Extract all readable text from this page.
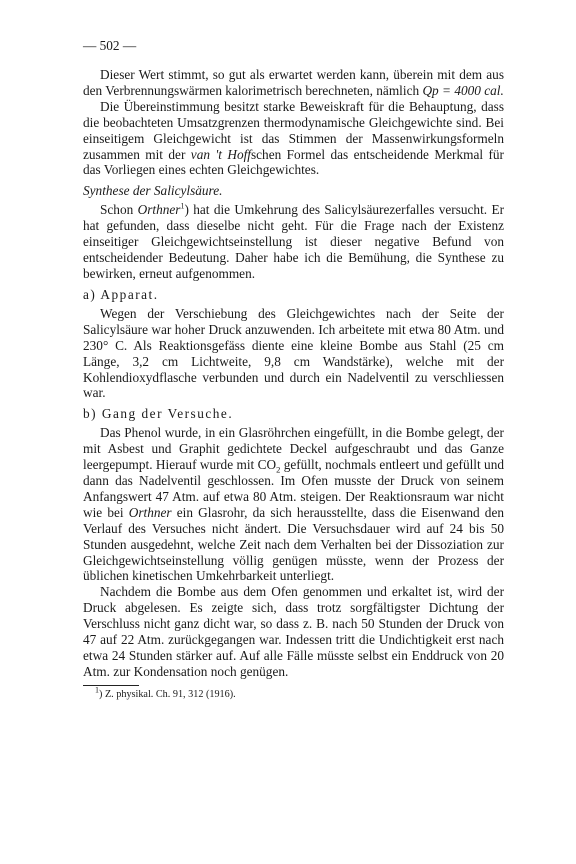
— 502 —

Dieser Wert stimmt, so gut als erwartet werden kann, überein mit dem aus den Verbrennungswärmen kalorimetrisch berechneten, nämlich Qp = 4000 cal.

Die Übereinstimmung besitzt starke Beweiskraft für die Behauptung, dass die beobachteten Umsatzgrenzen thermodynamische Gleichgewichte sind. Bei einseitigem Gleichgewicht ist das Stimmen der Massenwirkungsformeln zusammen mit der van 't Hoffschen Formel das entscheidende Merkmal für das Vorliegen eines echten Gleichgewichtes.

Synthese der Salicylsäure.

Schon Orthner$^1$) hat die Umkehrung des Salicylsäurezerfalles versucht. Er hat gefunden, dass dieselbe nicht geht. Für die Frage nach der Existenz einseitiger Gleichgewichtseinstellung ist dieser negative Befund von entscheidender Bedeutung. Daher habe ich die Bemühung, die Synthese zu bewirken, erneut aufgenommen.

a) Apparat.

Wegen der Verschiebung des Gleichgewichtes nach der Seite der Salicylsäure war hoher Druck anzuwenden. Ich arbeitete mit etwa 80 Atm. und 230° C. Als Reaktionsgefäss diente eine kleine Bombe aus Stahl (25 cm Länge, 3,2 cm Lichtweite, 9,8 cm Wandstärke), welche mit der Kohlendioxydflasche verbunden und durch ein Nadelventil zu verschliessen war.

b) Gang der Versuche.

Das Phenol wurde, in ein Glasröhrchen eingefüllt, in die Bombe gelegt, der mit Asbest und Graphit gedichtete Deckel aufgeschraubt und das Ganze leergepumpt. Hierauf wurde mit $CO_2$ gefüllt, nochmals entleert und gefüllt und dann das Nadelventil geschlossen. Im Ofen musste der Druck von seinem Anfangswert 47 Atm. auf etwa 80 Atm. steigen. Der Reaktionsraum war nicht wie bei Orthner ein Glasrohr, da sich herausstellte, dass die Eisenwand den Verlauf des Versuches nicht ändert. Die Versuchsdauer wird auf 24 bis 50 Stunden ausgedehnt, welche Zeit nach dem Verhalten bei der Dissoziation zur Gleichgewichtseinstellung völlig genügen müsste, wenn der Prozess der üblichen kinetischen Umkehrbarkeit unterliegt.

Nachdem die Bombe aus dem Ofen genommen und erkaltet ist, wird der Druck abgelesen. Es zeigte sich, dass trotz sorgfältigster Dichtung der Verschluss nicht ganz dicht war, so dass z. B. nach 50 Stunden der Druck von 47 auf 22 Atm. zurückgegangen war. Indessen tritt die Undichtigkeit erst nach etwa 24 Stunden stärker auf. Auf alle Fälle müsste selbst ein Enddruck von 20 Atm. zur Kondensation noch genügen.

$^1$) Z. physikal. Ch. 91, 312 (1916).
